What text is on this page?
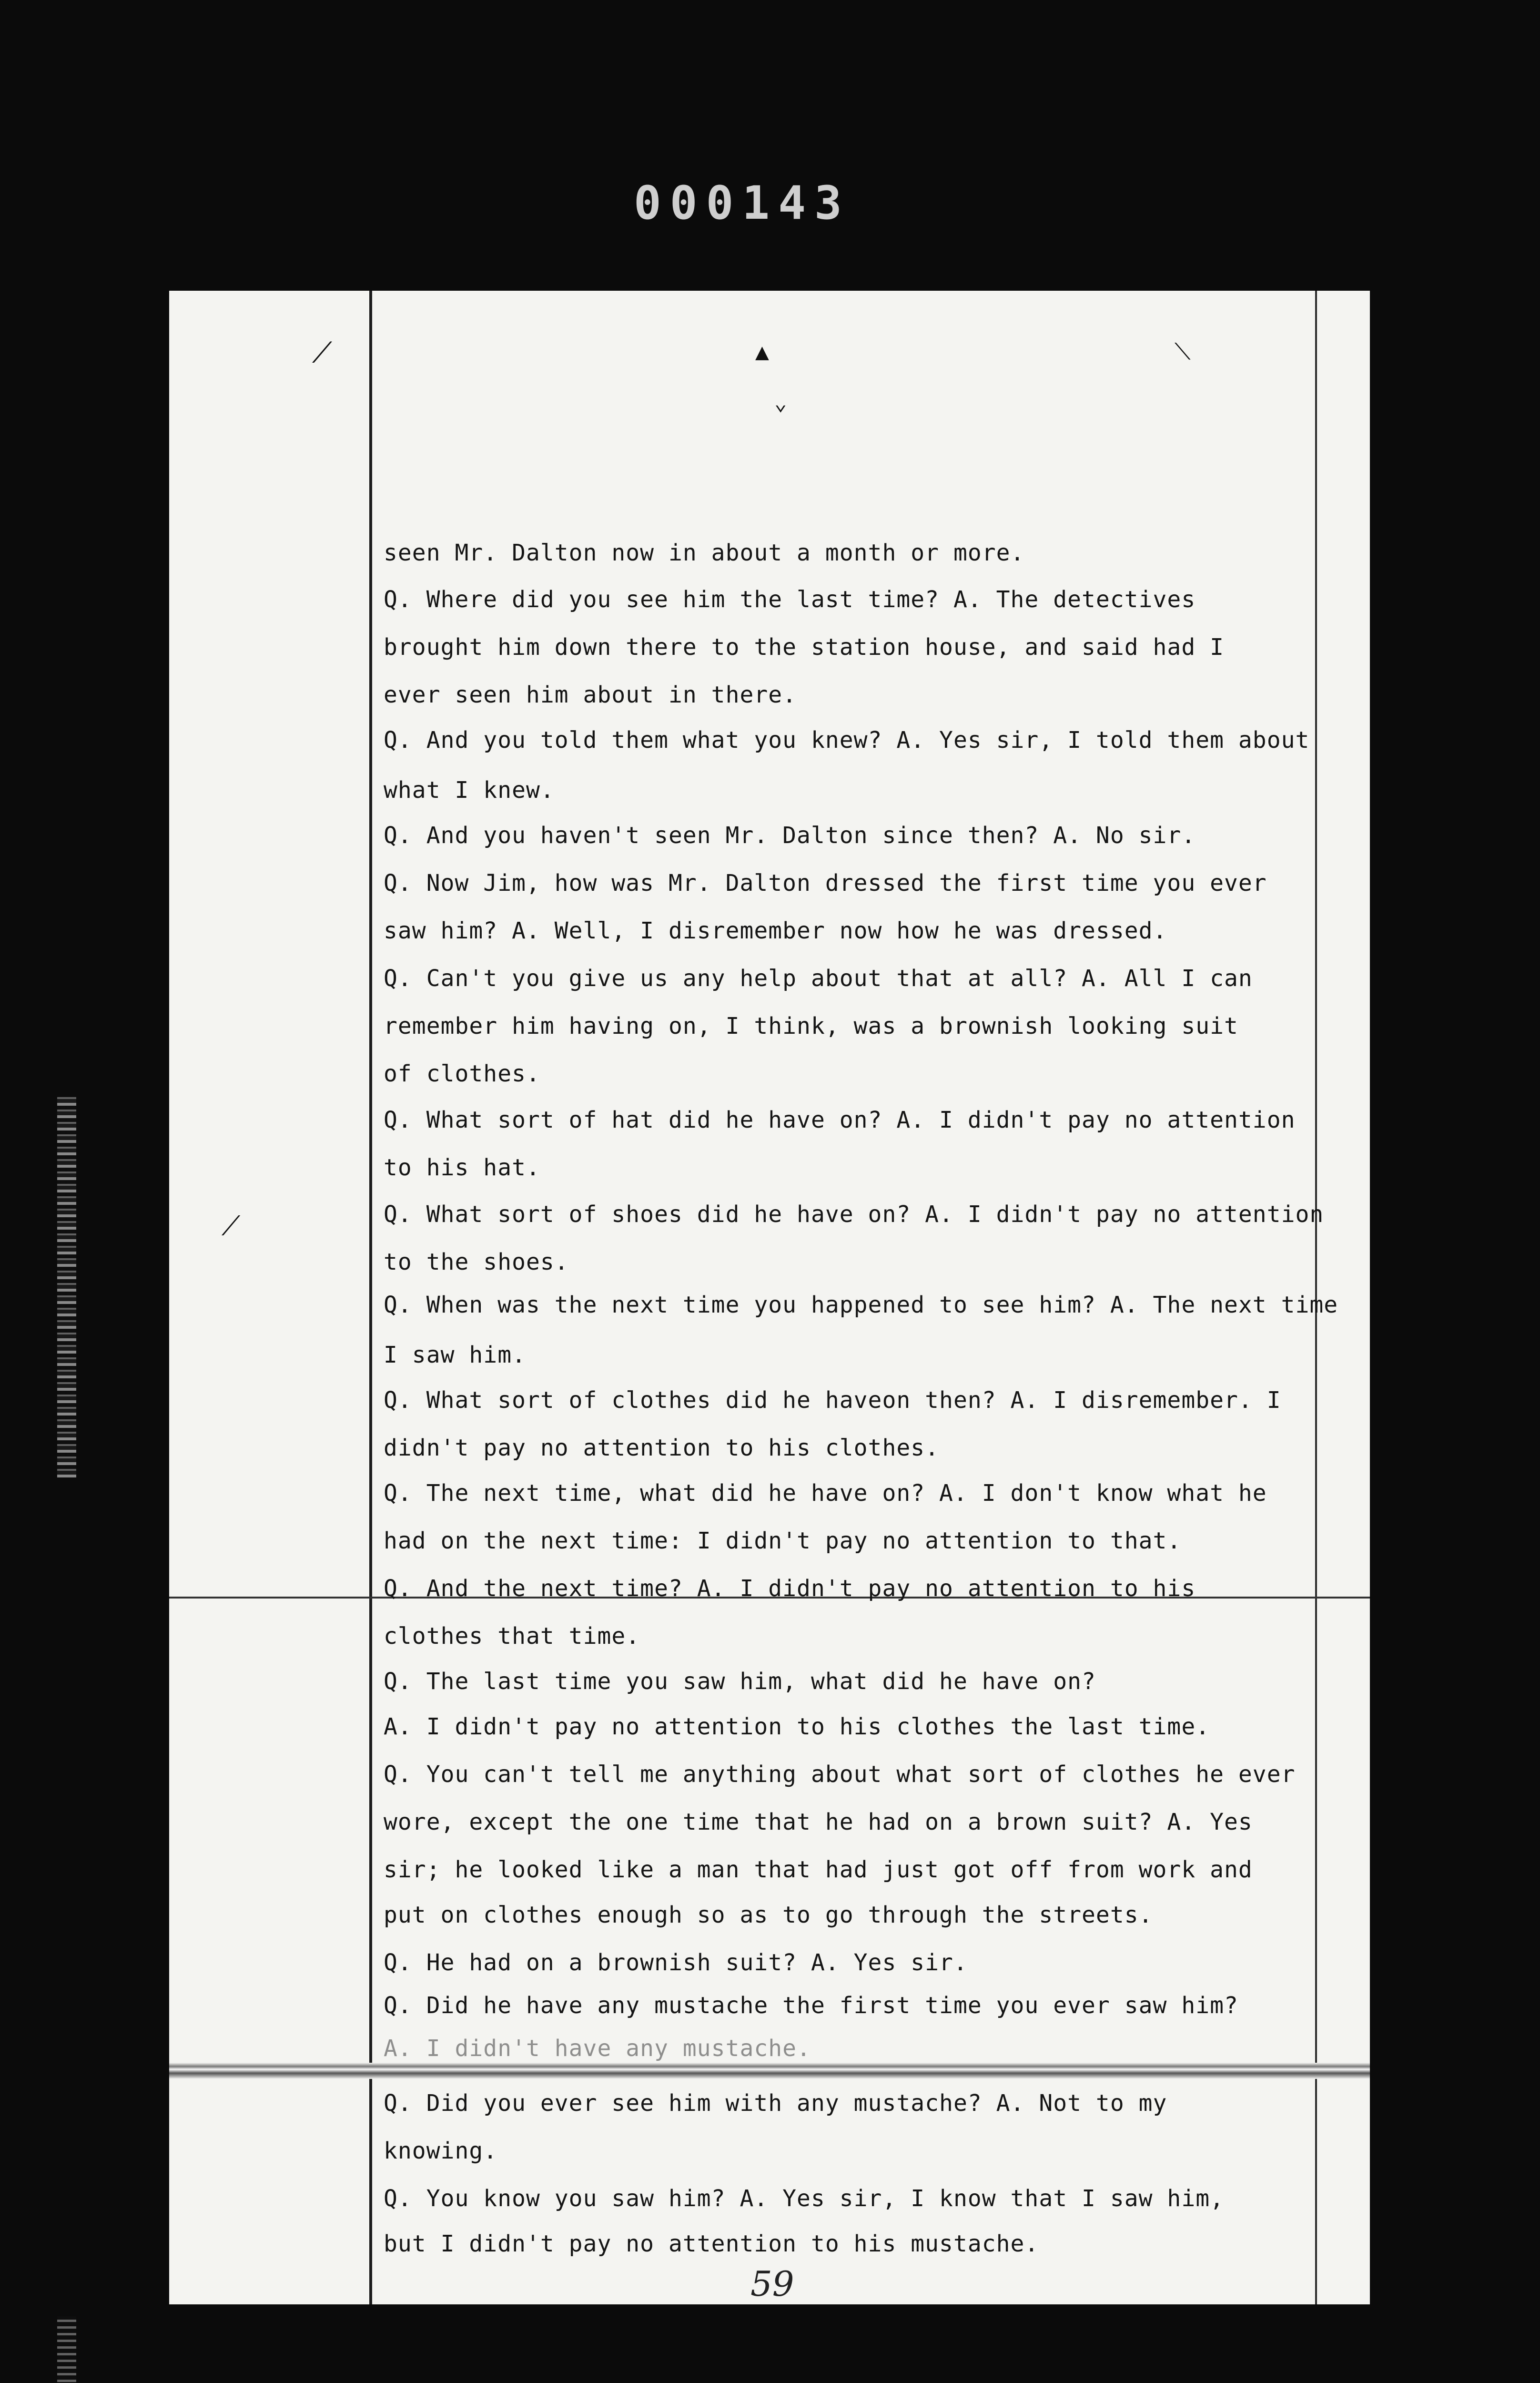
000143
⟋	▲
⌄
⟍
⟋
seen Mr. Dalton now in about a month or more.
Q. Where did you see him the last time? A. The detectives
brought him down there to the station house, and said had I
ever seen him about in there.
Q. And you told them what you knew? A. Yes sir, I told them about
what I knew.
Q. And you haven't seen Mr. Dalton since then? A. No sir.
Q. Now Jim, how was Mr. Dalton dressed the first time you ever
saw him? A. Well, I disremember now how he was dressed.
Q. Can't you give us any help about that at all? A. All I can
remember him having on, I think, was a brownish looking suit
of clothes.
Q. What sort of hat did he have on? A. I didn't pay no attention
to his hat.
Q. What sort of shoes did he have on? A. I didn't pay no attention
to the shoes.
Q. When was the next time you happened to see him? A. The next time
I saw him.
Q. What sort of clothes did he haveon then? A. I disremember. I
didn't pay no attention to his clothes.
Q. The next time, what did he have on? A. I don't know what he
had on the next time: I didn't pay no attention to that.
Q. And the next time? A. I didn't pay no attention to his
clothes that time.
Q. The last time you saw him, what did he have on?
A. I didn't pay no attention to his clothes the last time.
Q. You can't tell me anything about what sort of clothes he ever
wore, except the one time that he had on a brown suit? A. Yes
sir; he looked like a man that had just got off from work and
put on clothes enough so as to go through the streets.
Q. He had on a brownish suit? A. Yes sir.
Q. Did he have any mustache the first time you ever saw him?
A. I didn't have any mustache.
Q. Did you ever see him with any mustache? A. Not to my
knowing.
Q. You know you saw him? A. Yes sir, I know that I saw him,
but I didn't pay no attention to his mustache.
59
